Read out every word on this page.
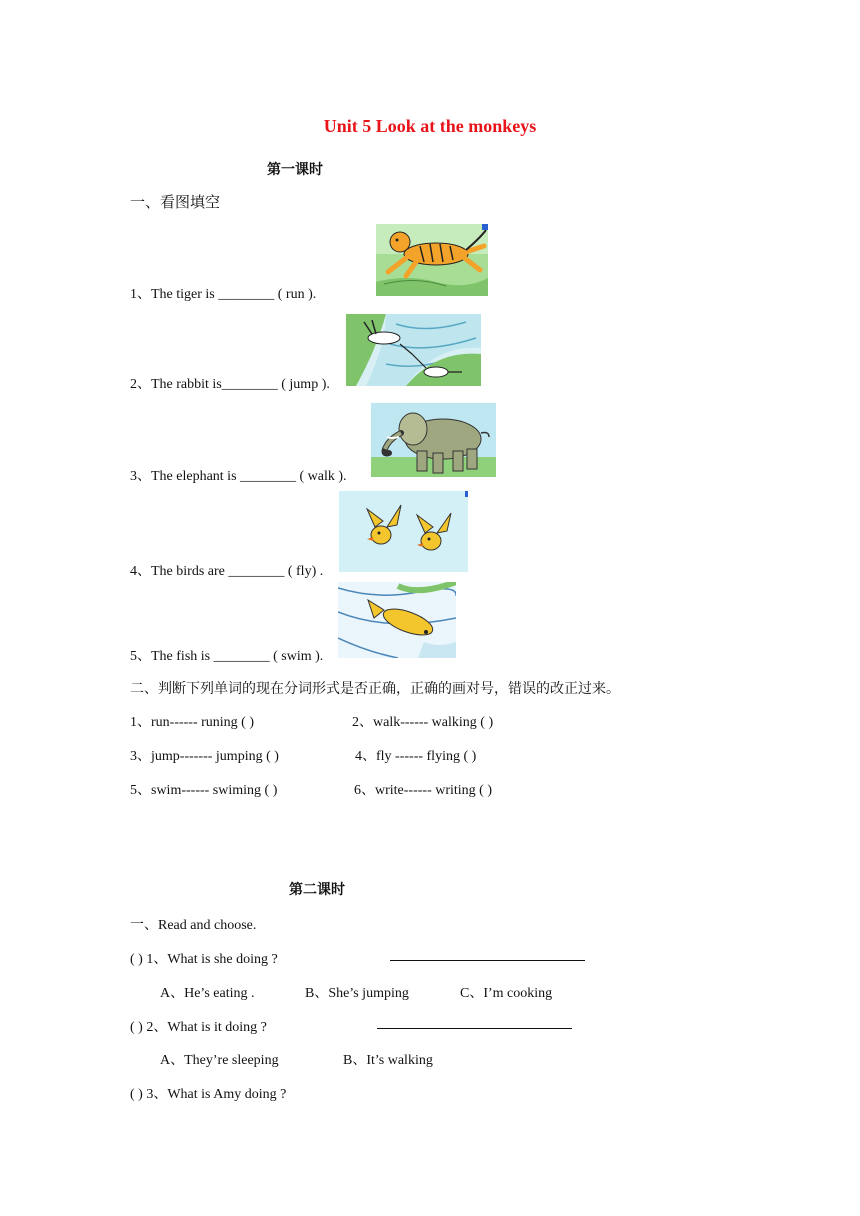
Unit 5 Look at the monkeys
第一课时
一、看图填空
1、The tiger is ________ ( run ).
2、The rabbit is________ ( jump ).
3、The elephant is ________ ( walk ).
4、The birds are ________ ( fly) .
5、The fish is ________ ( swim ).
二、判断下列单词的现在分词形式是否正确，正确的画对号，错误的改正过来。
1、run------ runing ( )	2、walk------ walking ( )
3、jump------- jumping ( )	4、fly ------ flying ( )
5、swim------ swiming ( )	6、write------ writing ( )
第二课时
一、Read and choose.
( ) 1、What is she doing ?
A、He’s eating .	B、She’s jumping	C、I’m cooking
( ) 2、What is it doing ?
A、They’re sleeping	B、It’s walking
( ) 3、What is Amy doing ?
